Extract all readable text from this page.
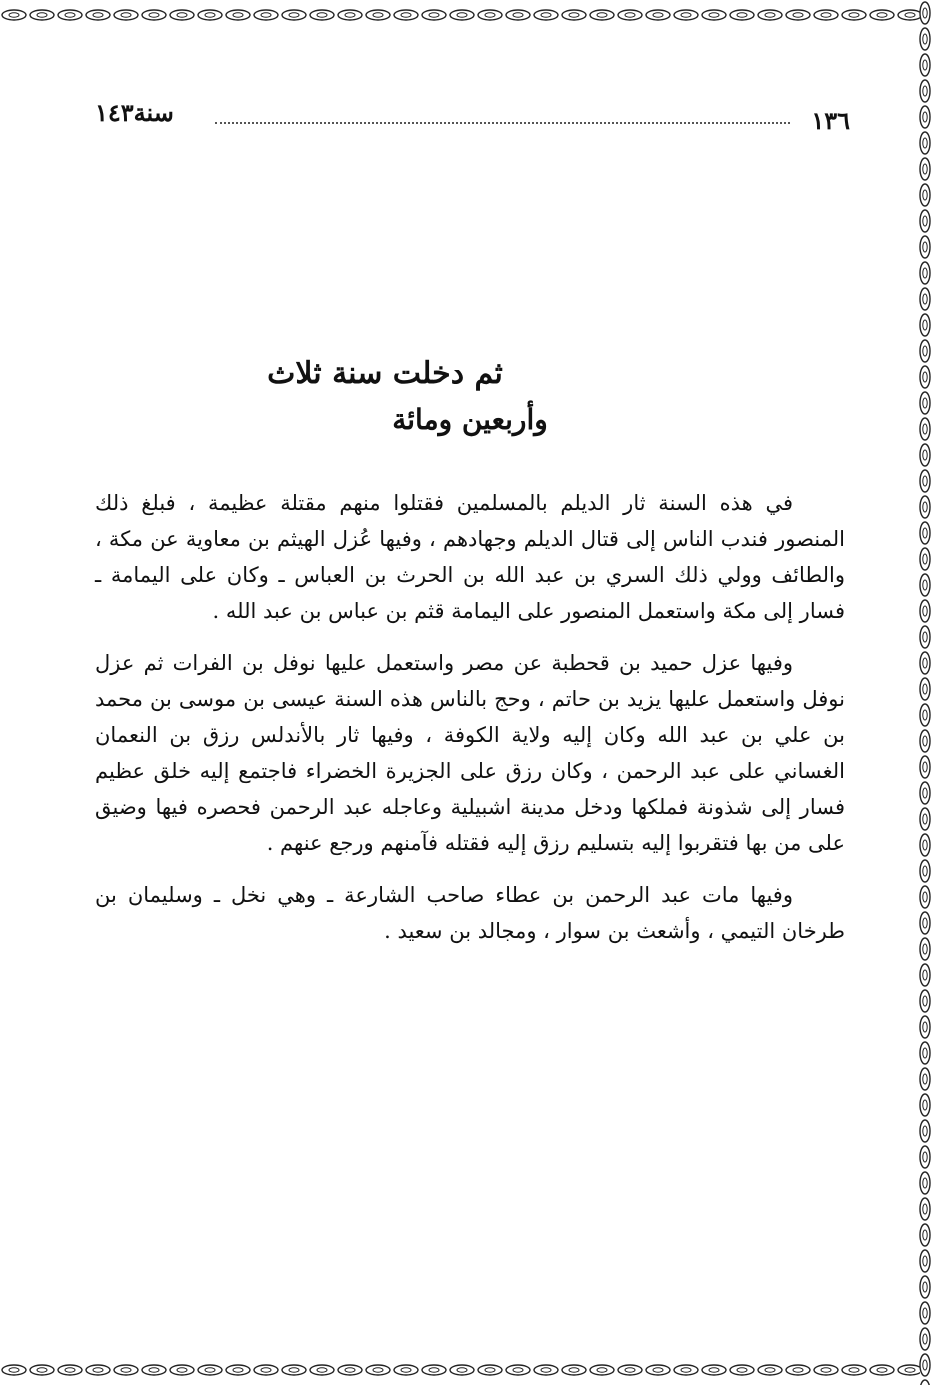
١٣٦
سنة١٤٣
ثم دخلت سنة ثلاث
وأربعين ومائة

في هذه السنة ثار الديلم بالمسلمين فقتلوا منهم مقتلة عظيمة ، فبلغ ذلك المنصور فندب الناس إلى قتال الديلم وجهادهم ، وفيها عُزل الهيثم بن معاوية عن مكة ، والطائف وولي ذلك السري بن عبد الله بن الحرث بن العباس ـ وكان على اليمامة ـ فسار إلى مكة واستعمل المنصور على اليمامة قثم بن عباس بن عبد الله .

وفيها عزل حميد بن قحطبة عن مصر واستعمل عليها نوفل بن الفرات ثم عزل نوفل واستعمل عليها يزيد بن حاتم ، وحج بالناس هذه السنة عيسى بن موسى بن محمد بن علي بن عبد الله وكان إليه ولاية الكوفة ، وفيها ثار بالأندلس رزق بن النعمان الغساني على عبد الرحمن ، وكان رزق على الجزيرة الخضراء فاجتمع إليه خلق عظيم فسار إلى شذونة فملكها ودخل مدينة اشبيلية وعاجله عبد الرحمن فحصره فيها وضيق على من بها فتقربوا إليه بتسليم رزق إليه فقتله فآمنهم ورجع عنهم .

وفيها مات عبد الرحمن بن عطاء صاحب الشارعة ـ وهي نخل ـ وسليمان بن طرخان التيمي ، وأشعث بن سوار ، ومجالد بن سعيد .
